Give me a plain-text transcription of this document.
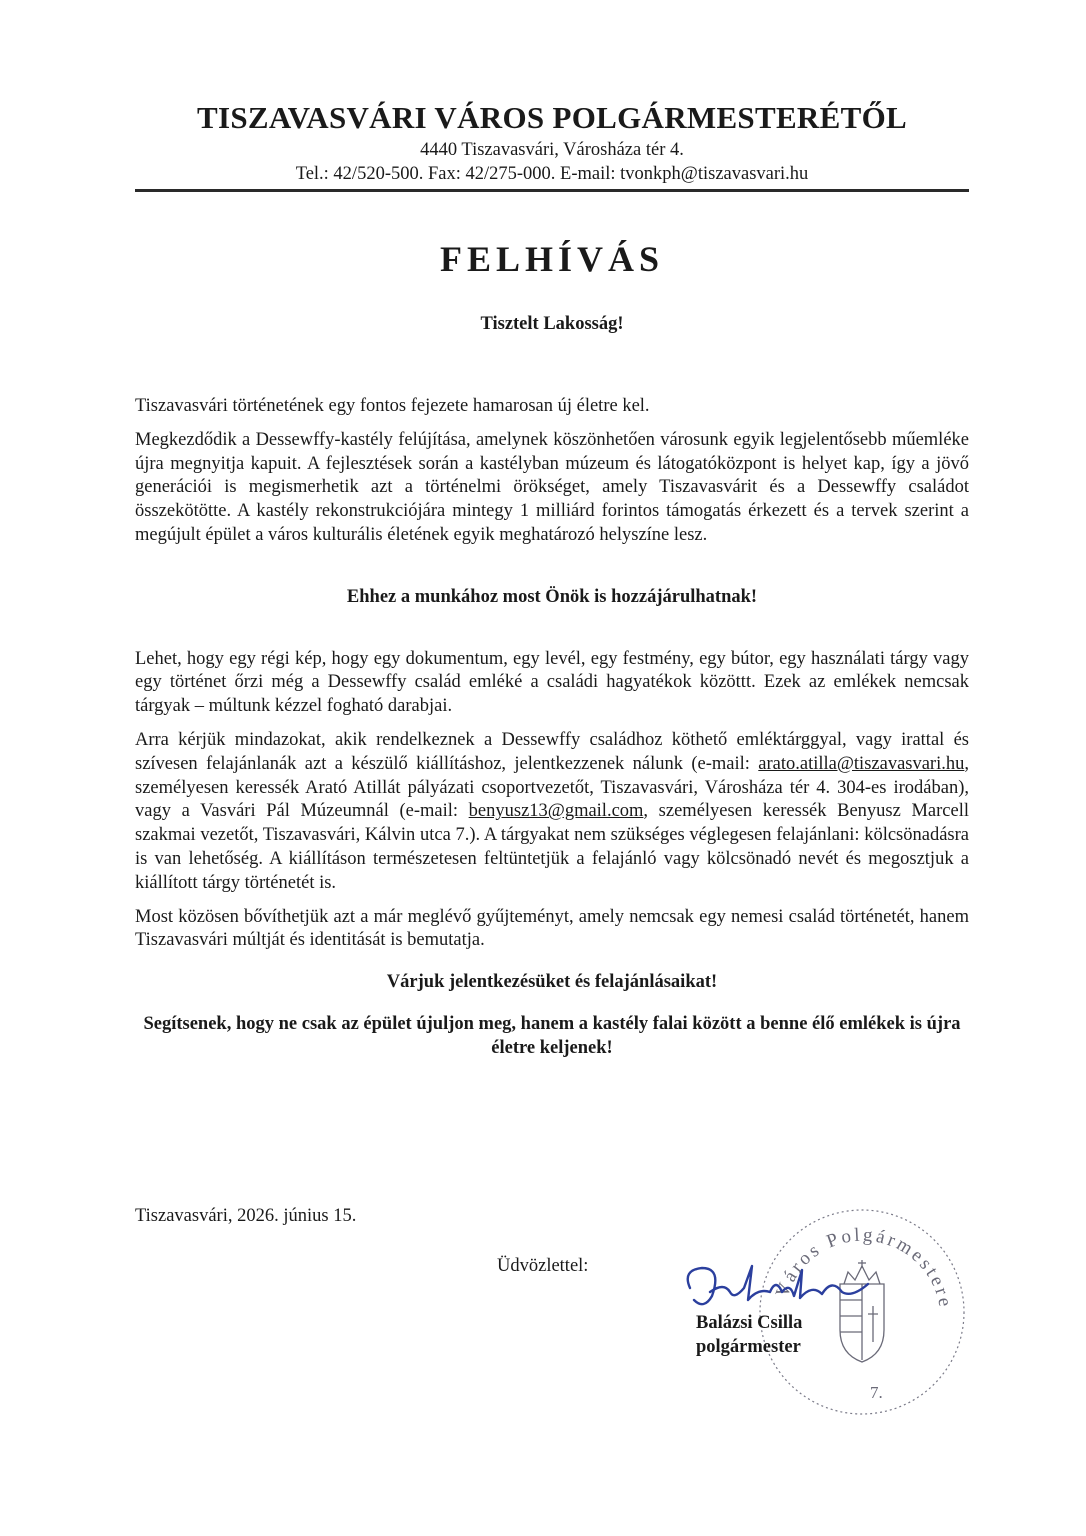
TISZAVASVÁRI VÁROS POLGÁRMESTERÉTŐL
4440 Tiszavasvári, Városháza tér 4.
Tel.: 42/520-500. Fax: 42/275-000. E-mail: tvonkph@tiszavasvari.hu
FELHÍVÁS
Tisztelt Lakosság!

Tiszavasvári történetének egy fontos fejezete hamarosan új életre kel.

Megkezdődik a Dessewffy-kastély felújítása, amelynek köszönhetően városunk egyik legjelentősebb műemléke újra megnyitja kapuit. A fejlesztések során a kastélyban múzeum és látogatóközpont is helyet kap, így a jövő generációi is megismerhetik azt a történelmi örökséget, amely Tiszavasvárit és a Dessewffy családot összekötötte. A kastély rekonstrukciójára mintegy 1 milliárd forintos támogatás érkezett és a tervek szerint a megújult épület a város kulturális életének egyik meghatározó helyszíne lesz.

Ehhez a munkához most Önök is hozzájárulhatnak!

Lehet, hogy egy régi kép, hogy egy dokumentum, egy levél, egy festmény, egy bútor, egy használati tárgy vagy egy történet őrzi még a Dessewffy család emléké a családi hagyatékok közöttt. Ezek az emlékek nemcsak tárgyak – múltunk kézzel fogható darabjai.

Arra kérjük mindazokat, akik rendelkeznek a Dessewffy családhoz köthető emléktárggyal, vagy irattal és szívesen felajánlanák azt a készülő kiállításhoz, jelentkezzenek nálunk (e-mail: arato.atilla@tiszavasvari.hu, személyesen keressék Arató Atillát pályázati csoportvezetőt, Tiszavasvári, Városháza tér 4. 304-es irodában), vagy a Vasvári Pál Múzeumnál (e-mail: benyusz13@gmail.com, személyesen keressék Benyusz Marcell szakmai vezetőt, Tiszavasvári, Kálvin utca 7.). A tárgyakat nem szükséges véglegesen felajánlani: kölcsönadásra is van lehetőség. A kiállításon természetesen feltüntetjük a felajánló vagy kölcsönadó nevét és megosztjuk a kiállított tárgy történetét is.

Most közösen bővíthetjük azt a már meglévő gyűjteményt, amely nemcsak egy nemesi család történetét, hanem Tiszavasvári múltját és identitását is bemutatja.

Várjuk jelentkezésüket és felajánlásaikat!

Segítsenek, hogy ne csak az épület újuljon meg, hanem a kastély falai között a benne élő emlékek is újra életre keljenek!

Tiszavasvári, 2026. június 15.
Üdvözlettel:
Város Polgármestere
7.
Balázsi Csilla
polgármester
